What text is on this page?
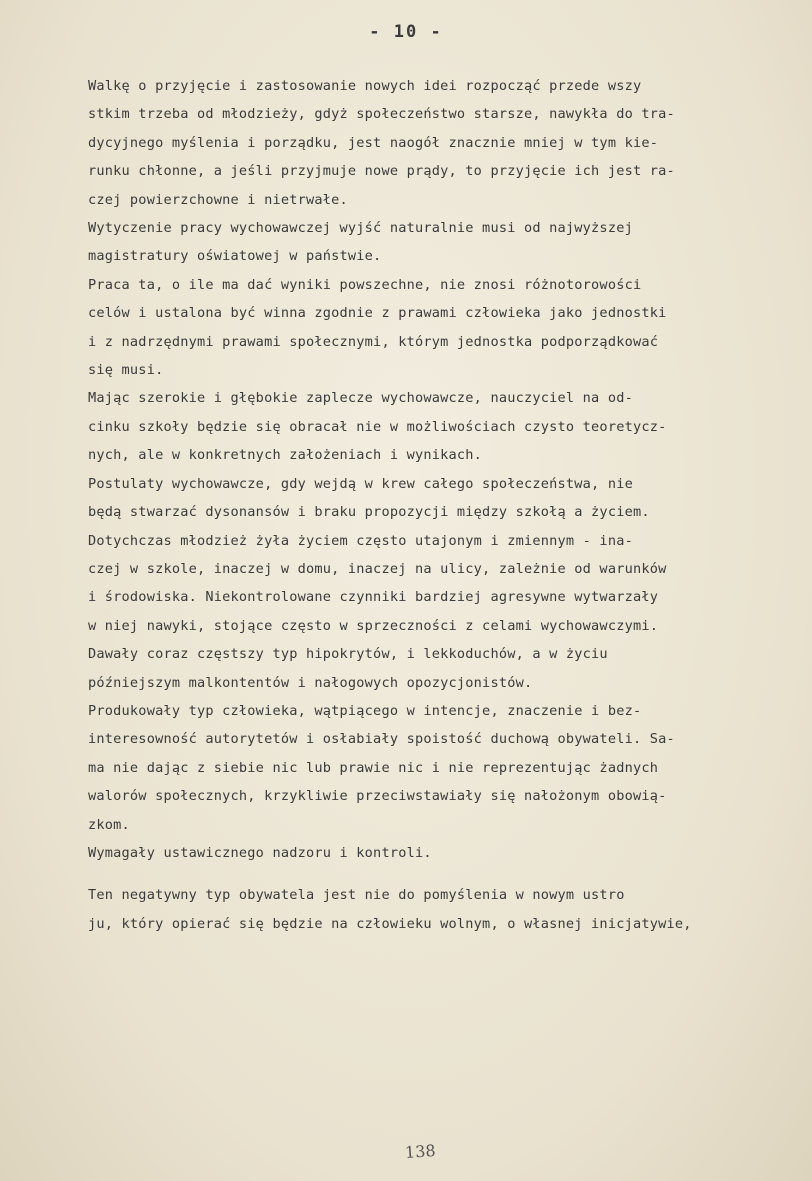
- 10 -
Walkę o przyjęcie i zastosowanie nowych idei rozpocząć przede wszy
stkim trzeba od młodzieży, gdyż społeczeństwo starsze, nawykła do tra-
dycyjnego myślenia i porządku, jest naogół znacznie mniej w tym kie-
runku chłonne, a jeśli przyjmuje nowe prądy, to przyjęcie ich jest ra-
czej powierzchowne i nietrwałe.
Wytyczenie pracy wychowawczej wyjść naturalnie musi od najwyższej
magistratury oświatowej w państwie.
Praca ta, o ile ma dać wyniki powszechne, nie znosi różnotorowości
celów i ustalona być winna zgodnie z prawami człowieka jako jednostki
i z nadrzędnymi prawami społecznymi, którym jednostka podporządkować
się musi.
Mając szerokie i głębokie zaplecze wychowawcze, nauczyciel na od-
cinku szkoły będzie się obracał nie w możliwościach czysto teoretycz-
nych, ale w konkretnych założeniach i wynikach.
Postulaty wychowawcze, gdy wejdą w krew całego społeczeństwa, nie
będą stwarzać dysonansów i braku propozycji między szkołą a życiem.
Dotychczas młodzież żyła życiem często utajonym i zmiennym - ina-
czej w szkole, inaczej w domu, inaczej na ulicy, zależnie od warunków
i środowiska. Niekontrolowane czynniki bardziej agresywne wytwarzały
w niej nawyki, stojące często w sprzeczności z celami wychowawczymi.
Dawały coraz częstszy typ hipokrytów, i lekkoduchów, a w życiu
późniejszym malkontentów i nałogowych opozycjonistów.
Produkowały typ człowieka, wątpiącego w intencje, znaczenie i bez-
interesowność autorytetów i osłabiały spoistość duchową obywateli. Sa-
ma nie dając z siebie nic lub prawie nic i nie reprezentując żadnych
walorów społecznych, krzykliwie przeciwstawiały się nałożonym obowią-
zkom.
Wymagały ustawicznego nadzoru i kontroli.
Ten negatywny typ obywatela jest nie do pomyślenia w nowym ustro
ju, który opierać się będzie na człowieku wolnym, o własnej inicjatywie,
138
